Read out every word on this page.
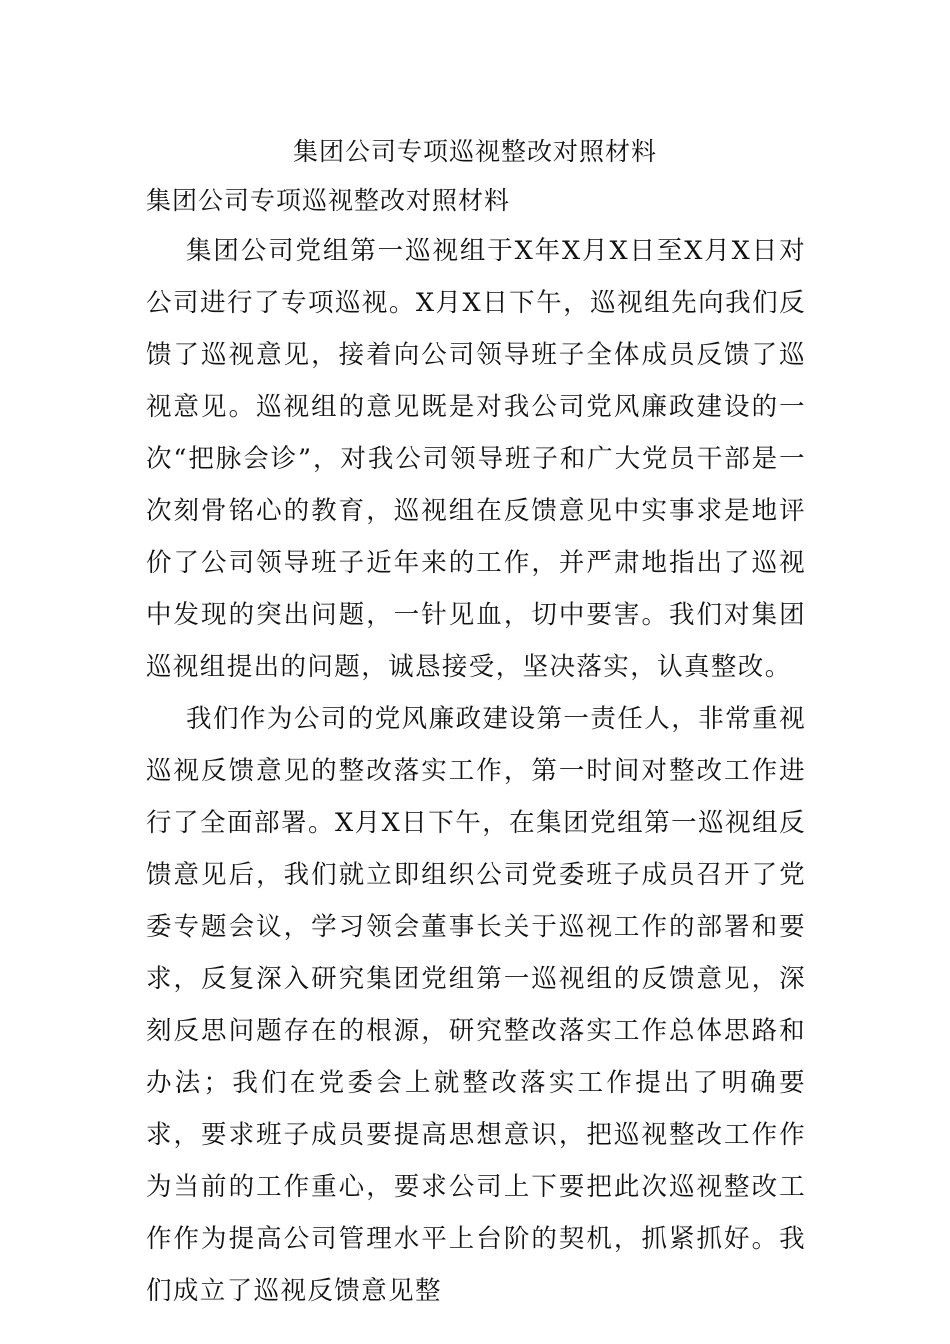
集团公司专项巡视整改对照材料
集团公司专项巡视整改对照材料

集团公司党组第一巡视组于X年X月X日至X月X日对公司进行了专项巡视。X月X日下午，巡视组先向我们反馈了巡视意见，接着向公司领导班子全体成员反馈了巡视意见。巡视组的意见既是对我公司党风廉政建设的一次“把脉会诊”，对我公司领导班子和广大党员干部是一次刻骨铭心的教育，巡视组在反馈意见中实事求是地评价了公司领导班子近年来的工作，并严肃地指出了巡视中发现的突出问题，一针见血，切中要害。我们对集团巡视组提出的问题，诚恳接受，坚决落实，认真整改。

我们作为公司的党风廉政建设第一责任人，非常重视巡视反馈意见的整改落实工作，第一时间对整改工作进行了全面部署。X月X日下午，在集团党组第一巡视组反馈意见后，我们就立即组织公司党委班子成员召开了党委专题会议，学习领会董事长关于巡视工作的部署和要求，反复深入研究集团党组第一巡视组的反馈意见，深刻反思问题存在的根源，研究整改落实工作总体思路和办法；我们在党委会上就整改落实工作提出了明确要求，要求班子成员要提高思想意识，把巡视整改工作作为当前的工作重心，要求公司上下要把此次巡视整改工作作为提高公司管理水平上台阶的契机，抓紧抓好。我们成立了巡视反馈意见整
